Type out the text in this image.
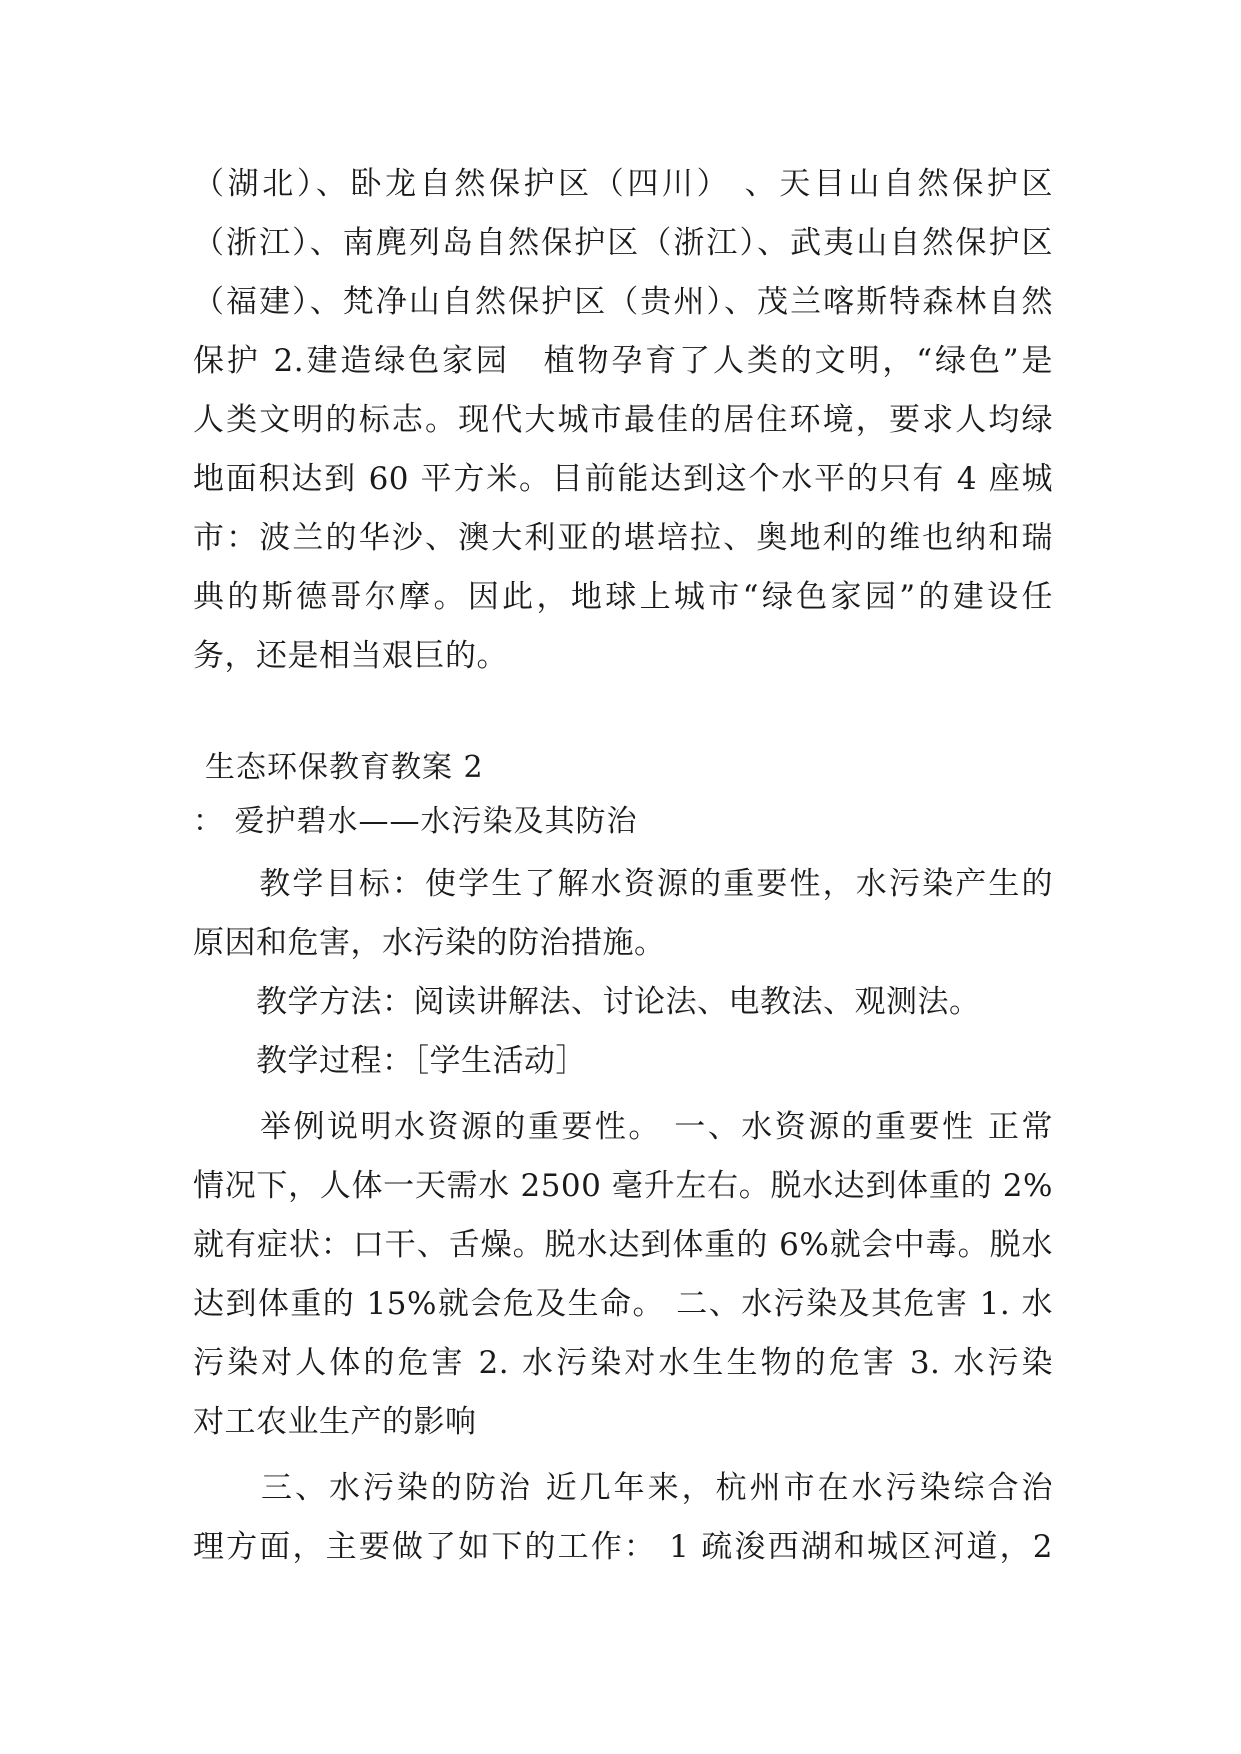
（湖北）、卧龙自然保护区（四川） 、天目山自然保护区
（浙江）、南麂列岛自然保护区（浙江）、武夷山自然保护区
（福建）、梵净山自然保护区（贵州）、茂兰喀斯特森林自然
保护 2.建造绿色家园　植物孕育了人类的文明，“绿色”是
人类文明的标志。现代大城市最佳的居住环境，要求人均绿
地面积达到 60 平方米。目前能达到这个水平的只有 4 座城
市：波兰的华沙、澳大利亚的堪培拉、奥地利的维也纳和瑞
典的斯德哥尔摩。因此，地球上城市“绿色家园”的建设任
务，还是相当艰巨的。
生态环保教育教案 2
： 爱护碧水——水污染及其防治
　　教学目标：使学生了解水资源的重要性，水污染产生的
原因和危害，水污染的防治措施。
　　教学方法：阅读讲解法、讨论法、电教法、观测法。
　　教学过程：［学生活动］
　　举例说明水资源的重要性。 一、水资源的重要性 正常
情况下，人体一天需水 2500 毫升左右。脱水达到体重的 2%
就有症状：口干、舌燥。脱水达到体重的 6%就会中毒。脱水
达到体重的 15%就会危及生命。 二、水污染及其危害 1. 水
污染对人体的危害 2. 水污染对水生生物的危害 3. 水污染
对工农业生产的影响
　　三、水污染的防治 近几年来，杭州市在水污染综合治
理方面，主要做了如下的工作： 1 疏浚西湖和城区河道，2
